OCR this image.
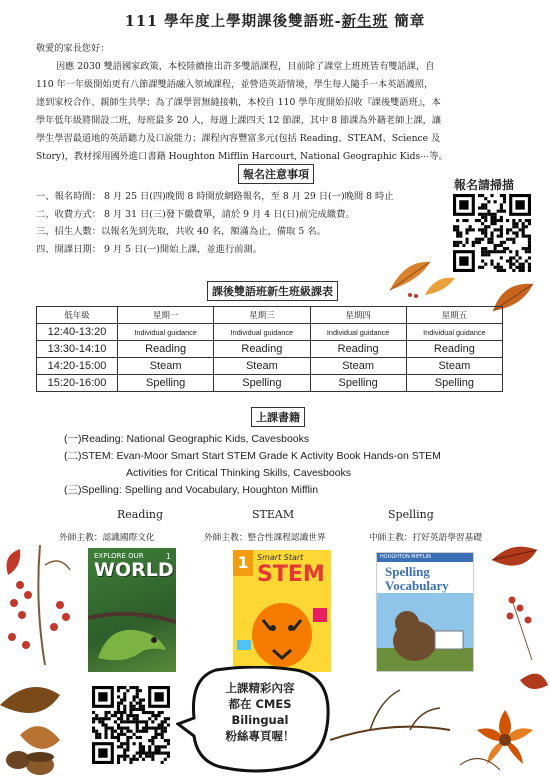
111 學年度上學期課後雙語班-新生班 簡章
敬愛的家長您好：
因應 2030 雙語國家政策，本校陸續推出許多雙語課程，目前除了課堂上班班皆有雙語課，自
110 年一年級開始更有八節課雙語融入領域課程，並營造英語情境，學生每人隨手一本英語護照，
達到家校合作、親師生共學；為了課學習無縫接軌，本校自 110 學年度開始招收『課後雙語班』，本
學年低年級將開設二班，每班最多 20 人，每週上課四天 12 節課，其中 8 節課為外籍老師上課，讓
學生學習最道地的英語聽力及口說能力；課程內容豐富多元(包括 Reading、STEAM、Science 及
Story)，教材採用國外進口書籍 Houghton Mifflin Harcourt, National Geographic Kids⋯等。
報名注意事項
一、報名時間： 8 月 25 日(四)晚間 8 時開放網路報名，至 8 月 29 日(一)晚間 8 時止
二、收費方式： 8 月 31 日(三)發下繳費單，請於 9 月 4 日(日)前完成繳費。
三、招生人數：以報名先到先取，共收 40 名，額滿為止，備取 5 名。
四、開課日期： 9 月 5 日(一)開始上課，並進行前測。
報名請掃描
課後雙語班新生班級課表
低年級	星期一	星期三	星期四	星期五
12:40-13:20	Individual guidance	Individual guidance	Individual guidance	Individual guidance
13:30-14:10	Reading	Reading	Reading	Reading
14:20-15:00	Steam	Steam	Steam	Steam
15:20-16:00	Spelling	Spelling	Spelling	Spelling
上課書籍
(一)Reading: National Geographic Kids, Cavesbooks
(二)STEM: Evan-Moor Smart Start STEM Grade K Activity Book Hands-on STEM
Activities for Critical Thinking Skills, Cavesbooks
(三)Spelling: Spelling and Vocabulary, Houghton Mifflin
Reading	STEAM	Spelling
外師主教：認識國際文化	外師主教：整合性課程認識世界	中師主教：打好英語學習基礎
EXPLORE OUR
WORLD
1	1	Smart Start
STEM
HOUGHTON MIFFLIN
Spelling
Vocabulary
上課精彩內容
都在 CMES
Bilingual
粉絲專頁喔！
